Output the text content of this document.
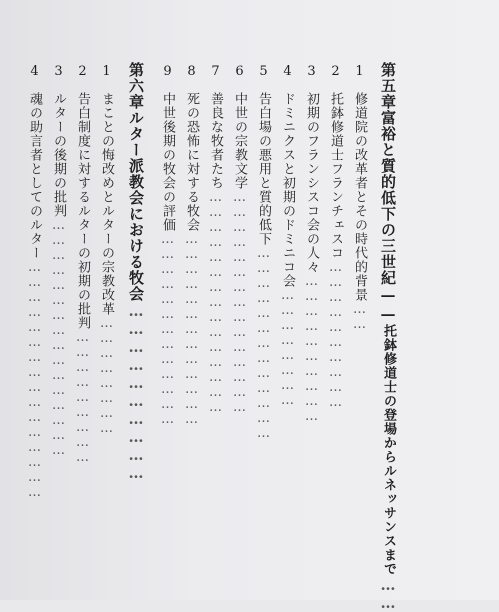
第五章富裕と質的低下の三世紀——托鉢修道士の登場からルネッサンスまで……
1修道院の改革者とその時代的背景……
2托鉢修道士フランチェスコ…………………………
3初期のフランシスコ会の人々…………………………
4ドミニクスと初期のドミニコ会……………………
5告白場の悪用と質的低下…………………………………
6中世の宗教文学………………………………………
7善良な牧者たち………………………………………
8死の恐怖に対する牧会…………………………………
9中世後期の牧会の評価…………………………………
第六章ルター派教会における牧会…………………………
1まことの悔改めとルターの宗教改革……………………
2告白制度に対するルターの初期の批判………………………
3ルターの後期の批判…………………………………………
4魂の助言者としてのルター…………………………………………
